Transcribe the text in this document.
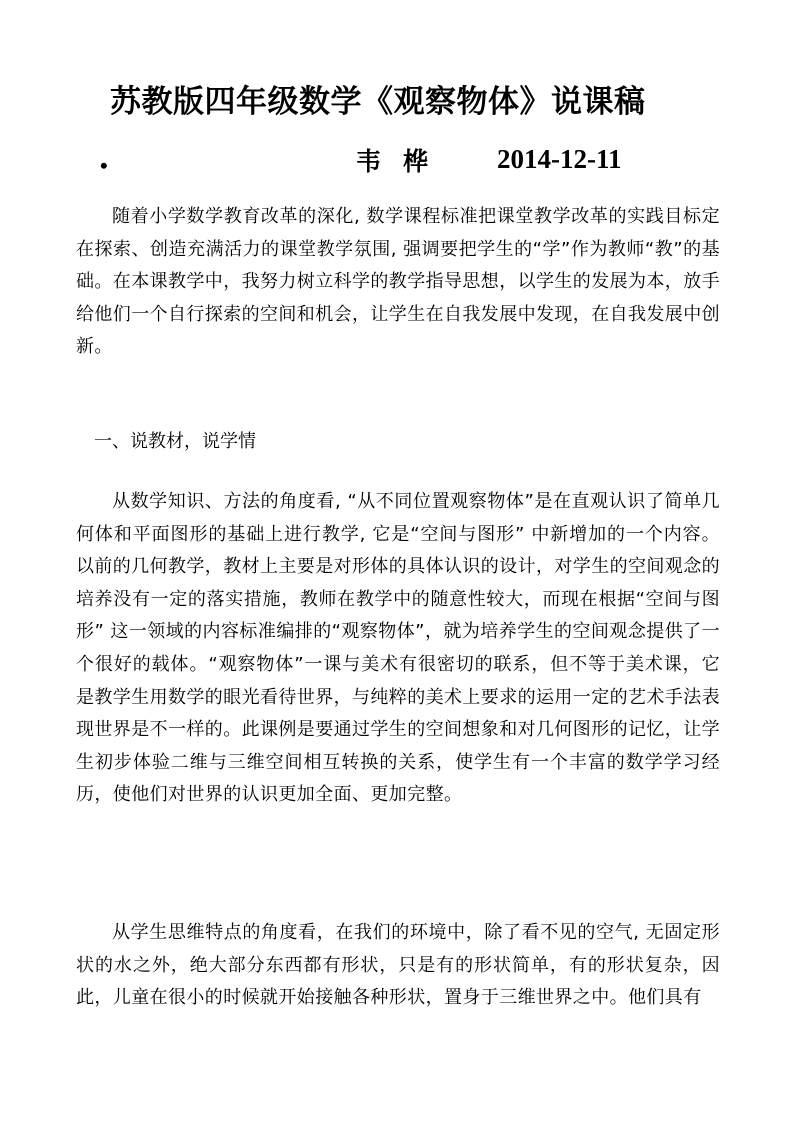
苏教版四年级数学《观察物体》说课稿
•	韦桦 2014-12-11

随着小学数学教育改革的深化, 数学课程标准把课堂教学改革的实践目标定在探索、创造充满活力的课堂教学氛围, 强调要把学生的“学”作为教师“教”的基础。在本课教学中，我努力树立科学的教学指导思想，以学生的发展为本，放手给他们一个自行探索的空间和机会，让学生在自我发展中发现，在自我发展中创新。

一、说教材，说学情

从数学知识、方法的角度看, “从不同位置观察物体”是在直观认识了简单几何体和平面图形的基础上进行教学, 它是“空间与图形” 中新增加的一个内容。以前的几何教学，教材上主要是对形体的具体认识的设计，对学生的空间观念的培养没有一定的落实措施，教师在教学中的随意性较大，而现在根据“空间与图形” 这一领域的内容标准编排的“观察物体”，就为培养学生的空间观念提供了一个很好的载体。“观察物体”一课与美术有很密切的联系，但不等于美术课，它是教学生用数学的眼光看待世界，与纯粹的美术上要求的运用一定的艺术手法表现世界是不一样的。此课例是要通过学生的空间想象和对几何图形的记忆，让学生初步体验二维与三维空间相互转换的关系，使学生有一个丰富的数学学习经历，使他们对世界的认识更加全面、更加完整。

从学生思维特点的角度看，在我们的环境中，除了看不见的空气, 无固定形状的水之外，绝大部分东西都有形状，只是有的形状简单，有的形状复杂，因此，儿童在很小的时候就开始接触各种形状，置身于三维世界之中。他们具有
